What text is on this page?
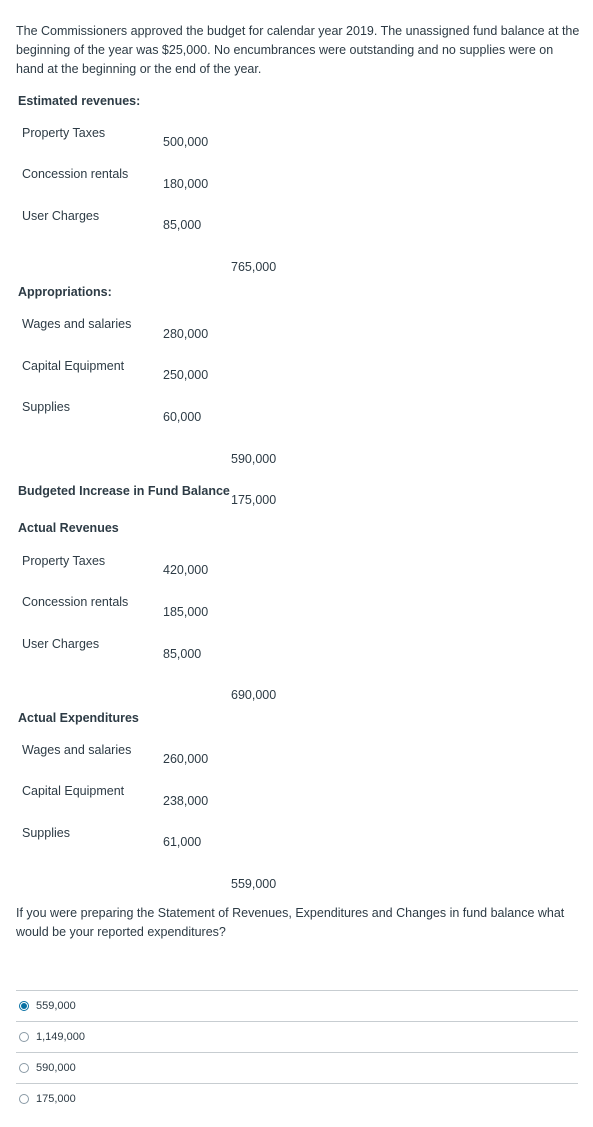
The Commissioners approved the budget for calendar year 2019. The unassigned fund balance at the beginning of the year was $25,000. No encumbrances were outstanding and no supplies were on hand at the beginning or the end of the year.
Estimated revenues:
Property Taxes
500,000
Concession rentals
180,000
User Charges
85,000
765,000
Appropriations:
Wages and salaries
280,000
Capital Equipment
250,000
Supplies
60,000
590,000
Budgeted Increase in Fund Balance
175,000
Actual Revenues
Property Taxes
420,000
Concession rentals
185,000
User Charges
85,000
690,000
Actual Expenditures
Wages and salaries
260,000
Capital Equipment
238,000
Supplies
61,000
559,000
If you were preparing the Statement of Revenues, Expenditures and Changes in fund balance what would be your reported expenditures?
559,000
1,149,000
590,000
175,000
